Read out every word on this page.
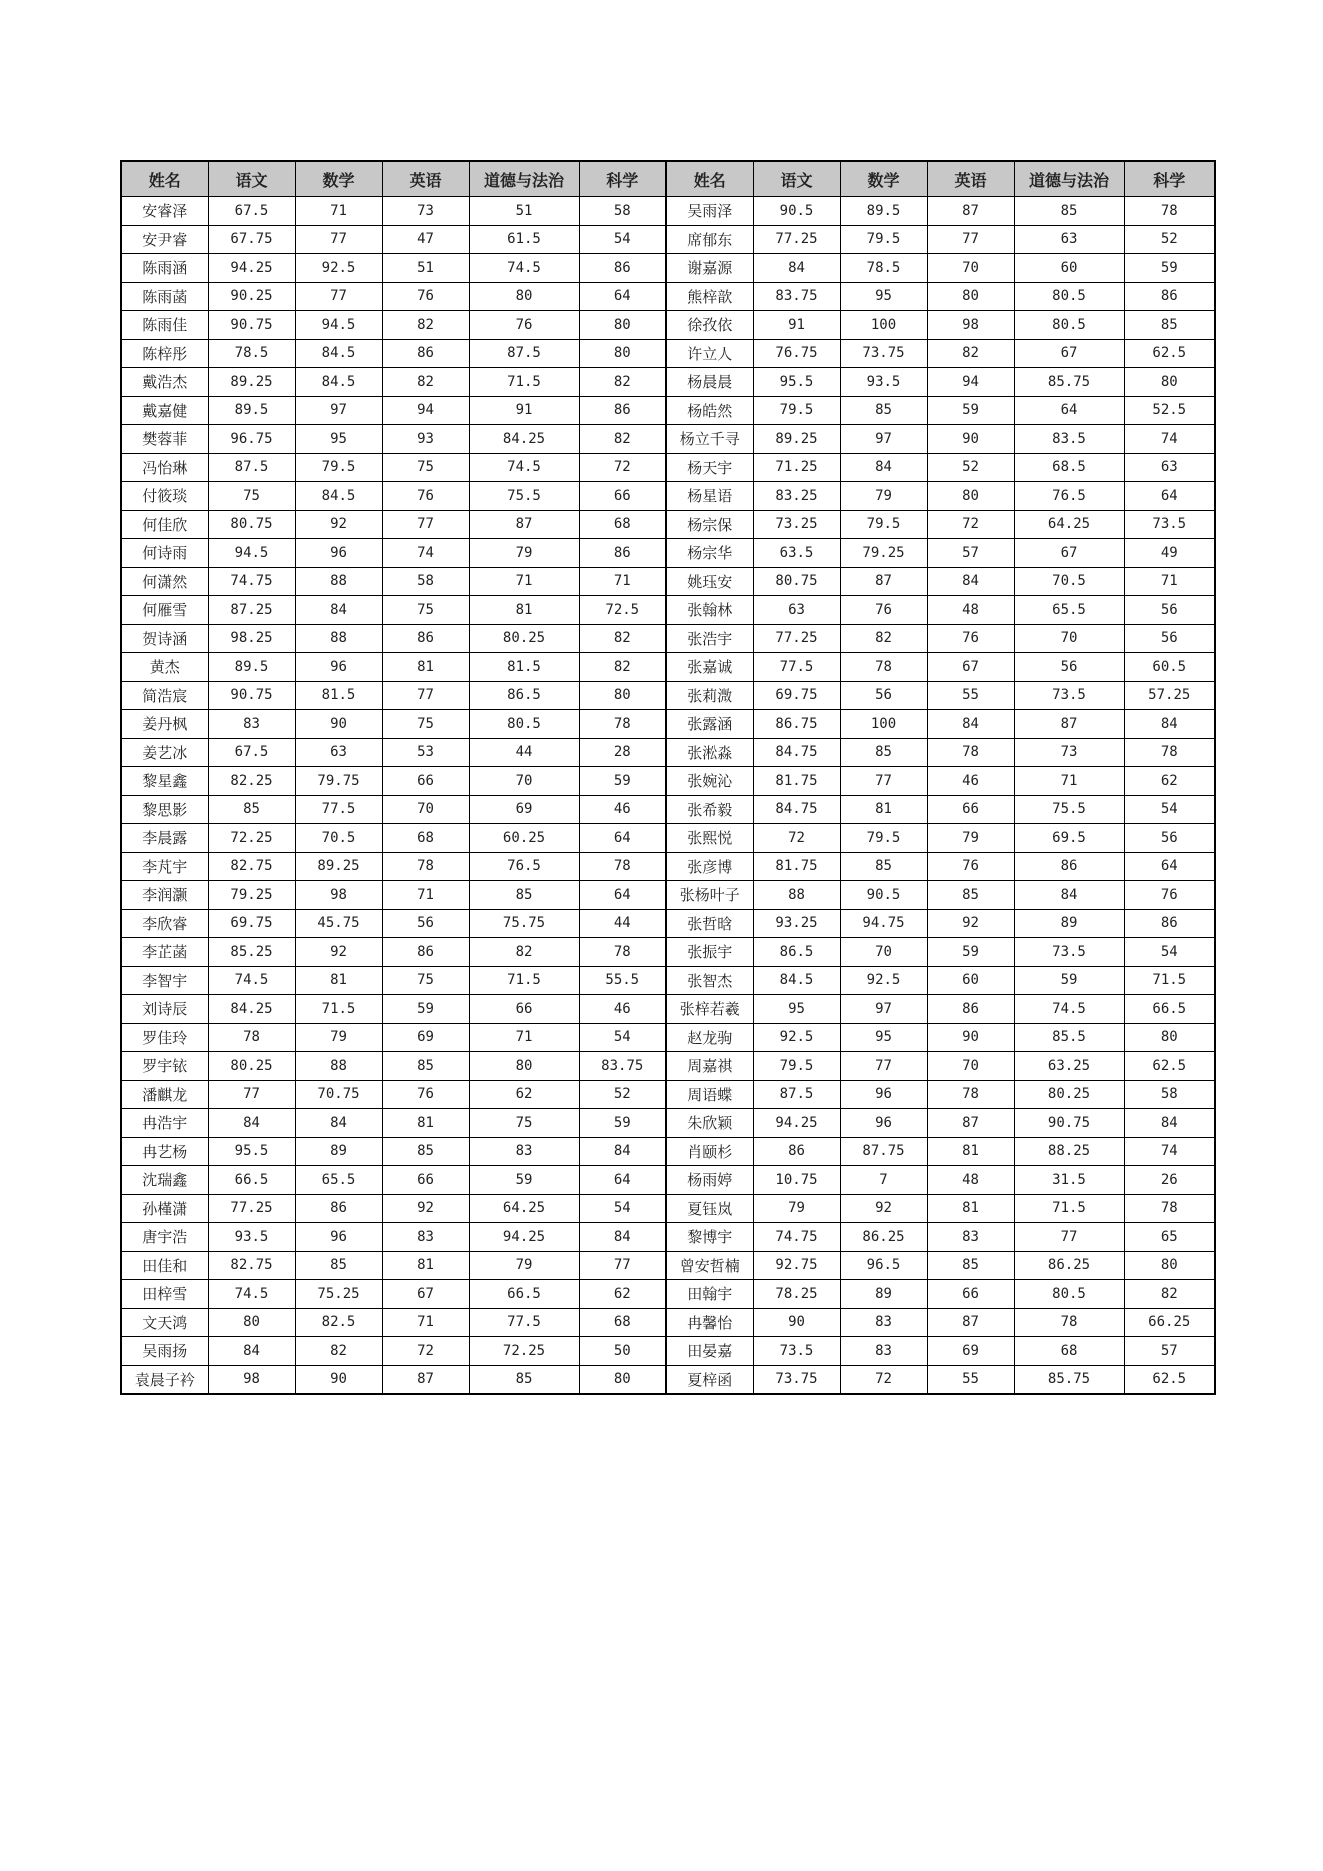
姓名	语文	数学	英语	道德与法治	科学	姓名	语文	数学	英语	道德与法治	科学
安睿泽	67.5	71	73	51	58	吴雨泽	90.5	89.5	87	85	78
安尹睿	67.75	77	47	61.5	54	席郁东	77.25	79.5	77	63	52
陈雨涵	94.25	92.5	51	74.5	86	谢嘉源	84	78.5	70	60	59
陈雨菡	90.25	77	76	80	64	熊梓歆	83.75	95	80	80.5	86
陈雨佳	90.75	94.5	82	76	80	徐孜依	91	100	98	80.5	85
陈梓彤	78.5	84.5	86	87.5	80	许立人	76.75	73.75	82	67	62.5
戴浩杰	89.25	84.5	82	71.5	82	杨晨晨	95.5	93.5	94	85.75	80
戴嘉健	89.5	97	94	91	86	杨皓然	79.5	85	59	64	52.5
樊蓉菲	96.75	95	93	84.25	82	杨立千寻	89.25	97	90	83.5	74
冯怡琳	87.5	79.5	75	74.5	72	杨天宇	71.25	84	52	68.5	63
付筱琰	75	84.5	76	75.5	66	杨星语	83.25	79	80	76.5	64
何佳欣	80.75	92	77	87	68	杨宗保	73.25	79.5	72	64.25	73.5
何诗雨	94.5	96	74	79	86	杨宗华	63.5	79.25	57	67	49
何潇然	74.75	88	58	71	71	姚珏安	80.75	87	84	70.5	71
何雁雪	87.25	84	75	81	72.5	张翰林	63	76	48	65.5	56
贺诗涵	98.25	88	86	80.25	82	张浩宇	77.25	82	76	70	56
黄杰	89.5	96	81	81.5	82	张嘉诚	77.5	78	67	56	60.5
简浩宸	90.75	81.5	77	86.5	80	张莉溦	69.75	56	55	73.5	57.25
姜丹枫	83	90	75	80.5	78	张露涵	86.75	100	84	87	84
姜艺冰	67.5	63	53	44	28	张淞淼	84.75	85	78	73	78
黎星鑫	82.25	79.75	66	70	59	张婉沁	81.75	77	46	71	62
黎思影	85	77.5	70	69	46	张希毅	84.75	81	66	75.5	54
李晨露	72.25	70.5	68	60.25	64	张熙悦	72	79.5	79	69.5	56
李芃宇	82.75	89.25	78	76.5	78	张彦博	81.75	85	76	86	64
李润灏	79.25	98	71	85	64	张杨叶子	88	90.5	85	84	76
李欣睿	69.75	45.75	56	75.75	44	张哲晗	93.25	94.75	92	89	86
李芷菡	85.25	92	86	82	78	张振宇	86.5	70	59	73.5	54
李智宇	74.5	81	75	71.5	55.5	张智杰	84.5	92.5	60	59	71.5
刘诗辰	84.25	71.5	59	66	46	张梓若羲	95	97	86	74.5	66.5
罗佳玲	78	79	69	71	54	赵龙驹	92.5	95	90	85.5	80
罗宇铱	80.25	88	85	80	83.75	周嘉祺	79.5	77	70	63.25	62.5
潘麒龙	77	70.75	76	62	52	周语蝶	87.5	96	78	80.25	58
冉浩宇	84	84	81	75	59	朱欣颖	94.25	96	87	90.75	84
冉艺杨	95.5	89	85	83	84	肖颐杉	86	87.75	81	88.25	74
沈瑞鑫	66.5	65.5	66	59	64	杨雨婷	10.75	7	48	31.5	26
孙槿潇	77.25	86	92	64.25	54	夏钰岚	79	92	81	71.5	78
唐宇浩	93.5	96	83	94.25	84	黎博宇	74.75	86.25	83	77	65
田佳和	82.75	85	81	79	77	曾安哲楠	92.75	96.5	85	86.25	80
田梓雪	74.5	75.25	67	66.5	62	田翰宇	78.25	89	66	80.5	82
文天鸿	80	82.5	71	77.5	68	冉馨怡	90	83	87	78	66.25
吴雨扬	84	82	72	72.25	50	田晏嘉	73.5	83	69	68	57
袁晨子衿	98	90	87	85	80	夏梓函	73.75	72	55	85.75	62.5
